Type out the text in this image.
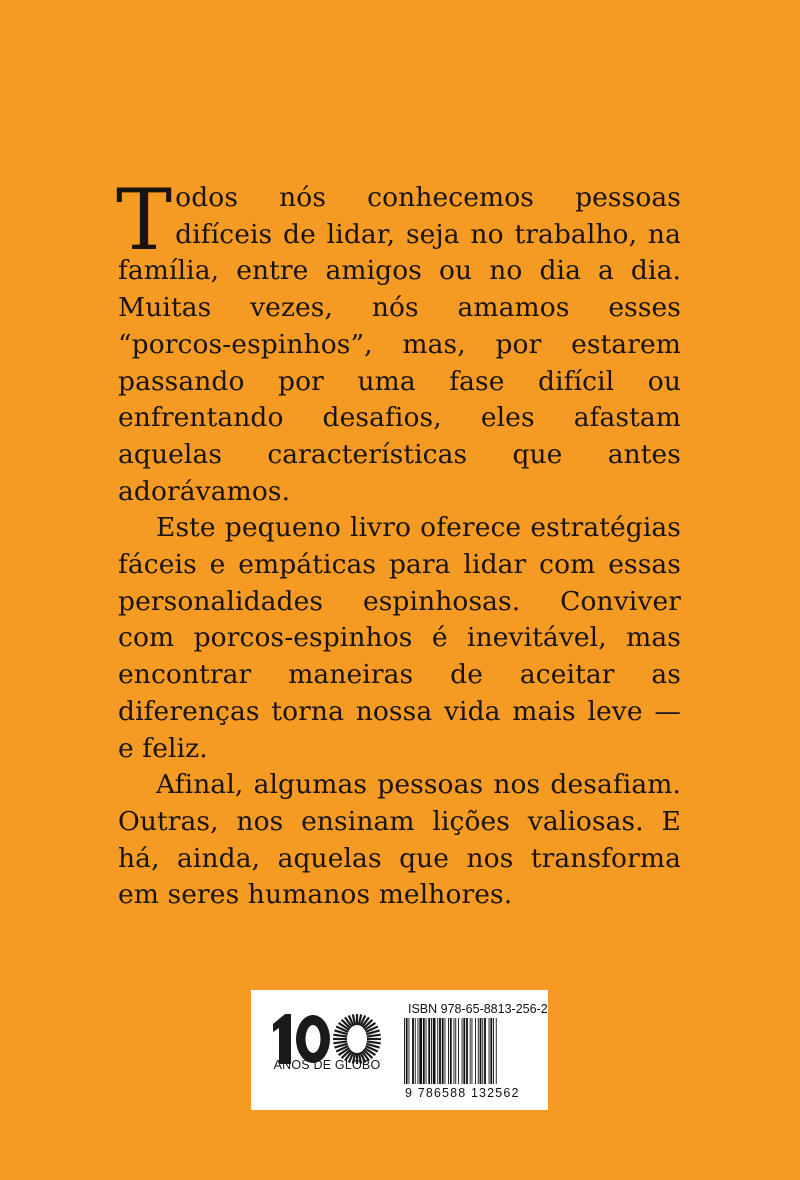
Todos nós conhecemos pessoas difíceis de lidar, seja no trabalho, na família, entre amigos ou no dia a dia. Muitas vezes, nós amamos esses “porcos-espinhos”, mas, por estarem passando por uma fase difícil ou enfrentando desafios, eles afastam aquelas características que antes adorávamos.

Este pequeno livro oferece estratégias fáceis e empáticas para lidar com essas personalidades espinhosas. Conviver com porcos-espinhos é inevitável, mas encontrar maneiras de aceitar as diferenças torna nossa vida mais leve — e feliz.

Afinal, algumas pessoas nos desafiam. Outras, nos ensinam lições valiosas. E há, ainda, aquelas que nos transforma em seres humanos melhores.

ANOS DE GLOBO
ISBN 978-65-8813-256-2
9 786588 132562
